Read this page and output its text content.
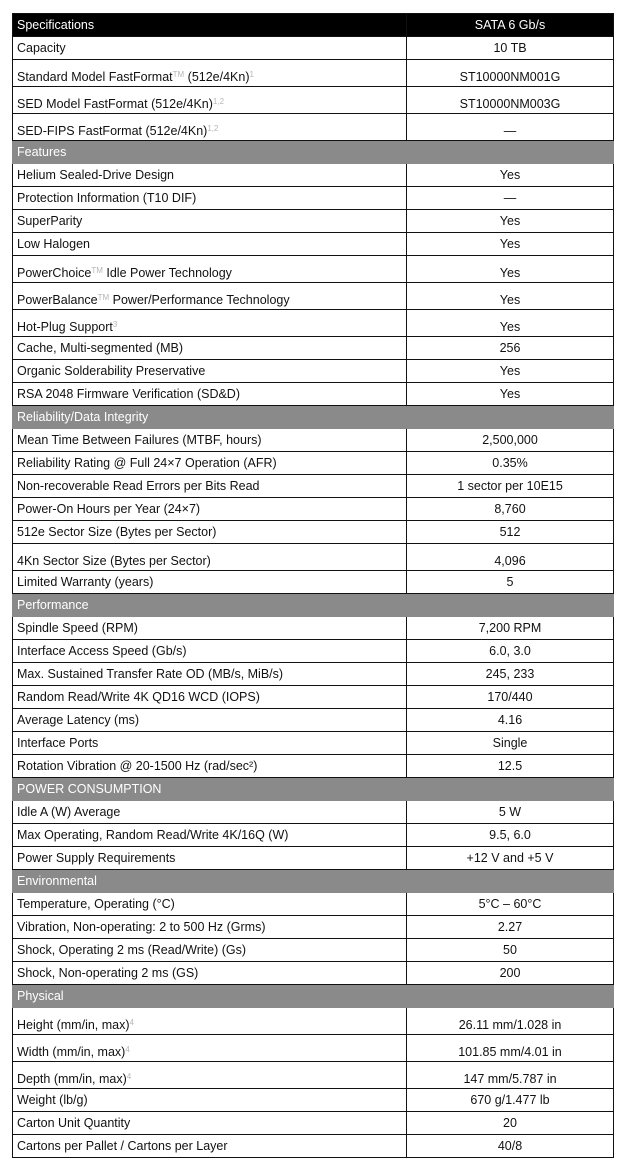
Specifications	SATA 6 Gb/s
Capacity	10 TB
Standard Model FastFormat™ $(512e/4Kn)^1$	ST10000NM001G
SED Model FastFormat $(512e/4Kn)^{1,2}$	ST10000NM003G
SED-FIPS FastFormat $(512e/4Kn)^{1,2}$	—
Features	
Helium Sealed-Drive Design	Yes
Protection Information (T10 DIF)	—
SuperParity	Yes
Low Halogen	Yes
PowerChoice™ Idle Power Technology	Yes
PowerBalance™ Power/Performance Technology	Yes
Hot-Plug Support$^3$	Yes
Cache, Multi-segmented (MB)	256
Organic Solderability Preservative	Yes
RSA 2048 Firmware Verification (SD&D)	Yes
Reliability/Data Integrity	
Mean Time Between Failures (MTBF, hours)	2,500,000
Reliability Rating @ Full 24×7 Operation (AFR)	0.35%
Non-recoverable Read Errors per Bits Read	1 sector per 10E15
Power-On Hours per Year (24×7)	8,760
512e Sector Size (Bytes per Sector)	512
4Kn Sector Size (Bytes per Sector)	4,096
Limited Warranty (years)	5
Performance	
Spindle Speed (RPM)	7,200 RPM
Interface Access Speed (Gb/s)	6.0, 3.0
Max. Sustained Transfer Rate OD (MB/s, MiB/s)	245, 233
Random Read/Write 4K QD16 WCD (IOPS)	170/440
Average Latency (ms)	4.16
Interface Ports	Single
Rotation Vibration @ 20-1500 Hz (rad/sec²)	12.5
POWER CONSUMPTION	
Idle A (W) Average	5 W
Max Operating, Random Read/Write 4K/16Q (W)	9.5, 6.0
Power Supply Requirements	+12 V and +5 V
Environmental	
Temperature, Operating (°C)	5°C – 60°C
Vibration, Non-operating: 2 to 500 Hz (Grms)	2.27
Shock, Operating 2 ms (Read/Write) (Gs)	50
Shock, Non-operating 2 ms (GS)	200
Physical	
Height (mm/in, max)$^4$	26.11 mm/1.028 in
Width (mm/in, max)$^4$	101.85 mm/4.01 in
Depth (mm/in, max)$^4$	147 mm/5.787 in
Weight (lb/g)	670 g/1.477 lb
Carton Unit Quantity	20
Cartons per Pallet / Cartons per Layer	40/8
